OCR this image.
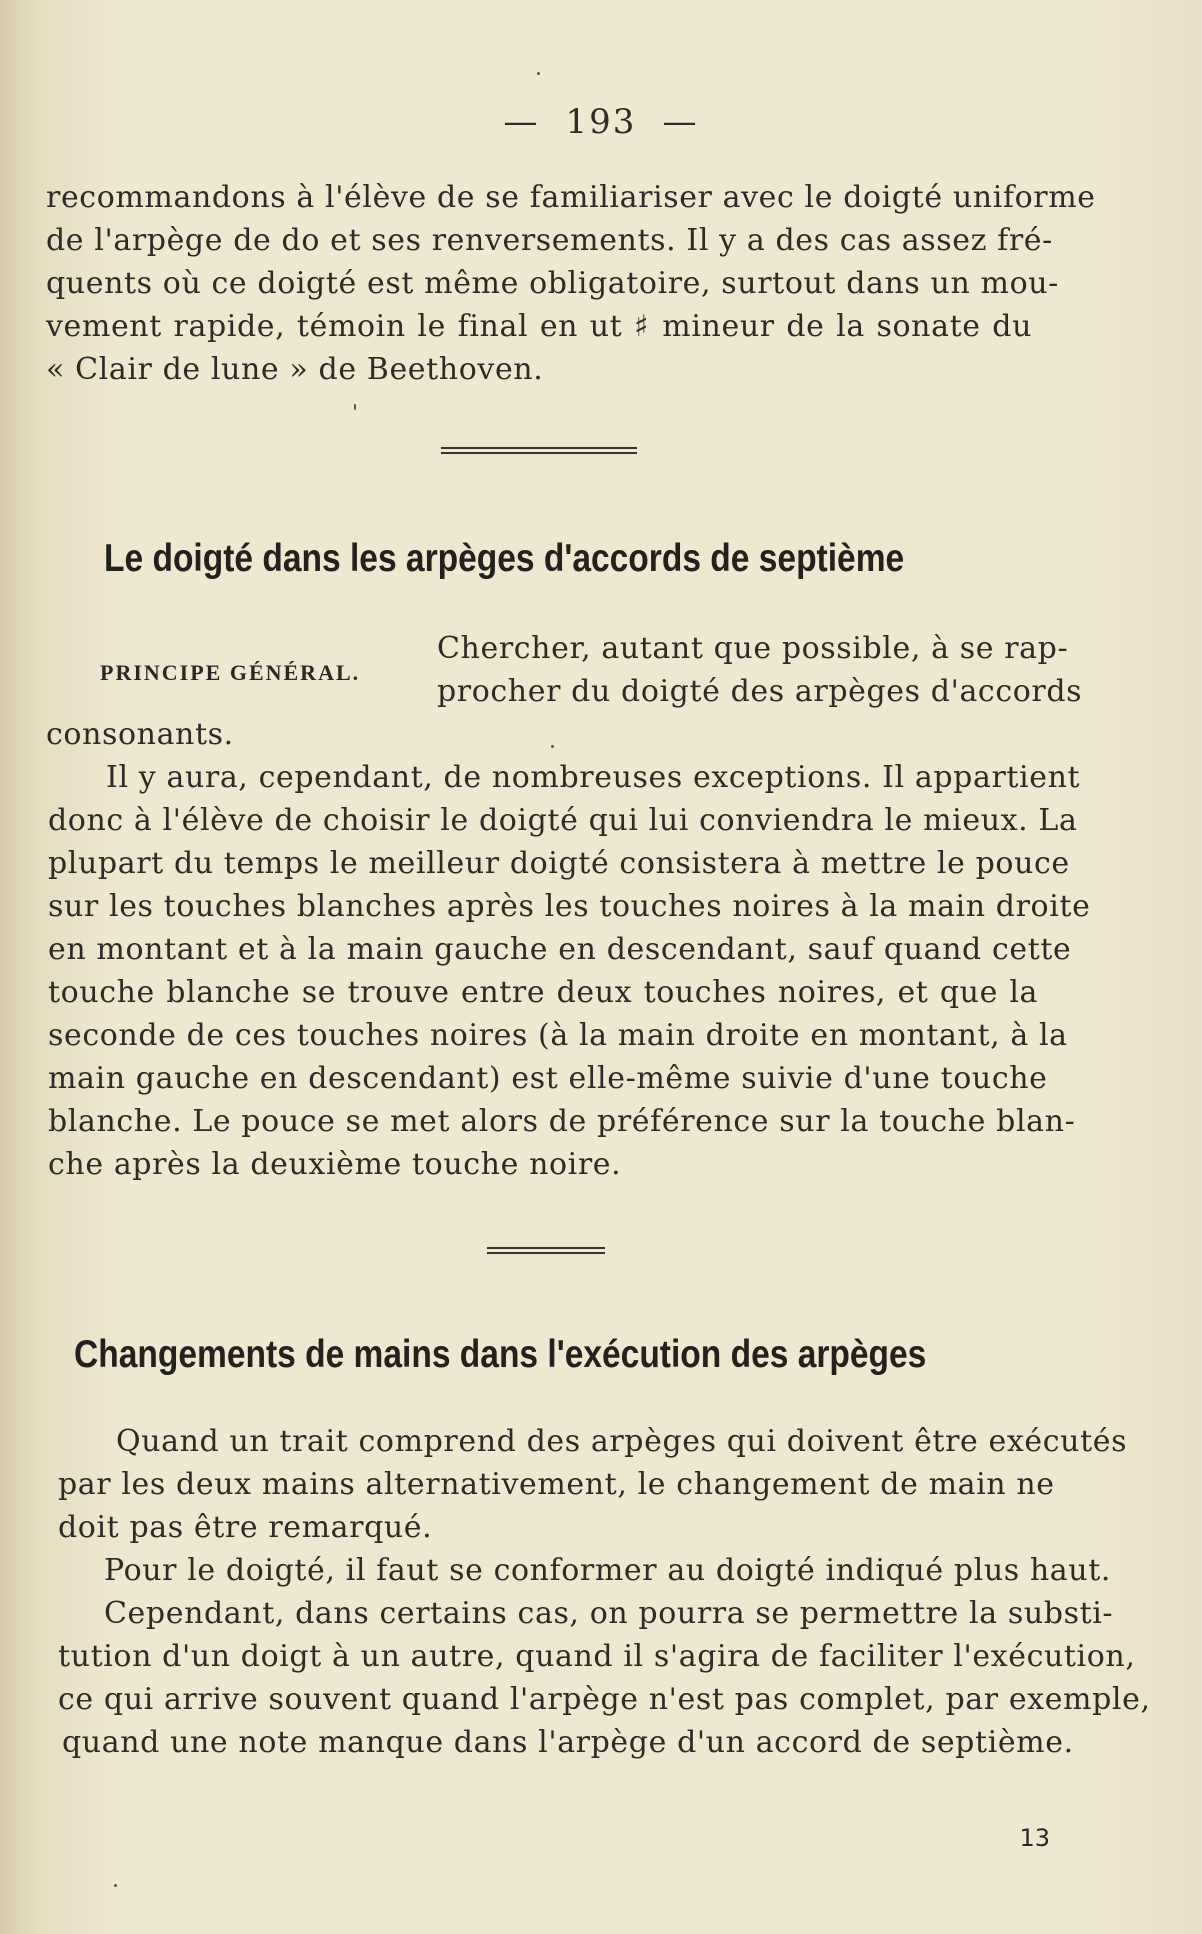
— 193 —
recommandons à l'élève de se familiariser avec le doigté uniforme
de l'arpège de do et ses renversements. Il y a des cas assez fré-
quents où ce doigté est même obligatoire, surtout dans un mou-
vement rapide, témoin le final en ut ♯ mineur de la sonate du
« Clair de lune » de Beethoven.
Le doigté dans les arpèges d'accords de septième
PRINCIPE GÉNÉRAL.
Chercher, autant que possible, à se rap-
procher du doigté des arpèges d'accords
consonants.
Il y aura, cependant, de nombreuses exceptions. Il appartient
donc à l'élève de choisir le doigté qui lui conviendra le mieux. La
plupart du temps le meilleur doigté consistera à mettre le pouce
sur les touches blanches après les touches noires à la main droite
en montant et à la main gauche en descendant, sauf quand cette
touche blanche se trouve entre deux touches noires, et que la
seconde de ces touches noires (à la main droite en montant, à la
main gauche en descendant) est elle-même suivie d'une touche
blanche. Le pouce se met alors de préférence sur la touche blan-
che après la deuxième touche noire.
Changements de mains dans l'exécution des arpèges
Quand un trait comprend des arpèges qui doivent être exécutés
par les deux mains alternativement, le changement de main ne
doit pas être remarqué.
Pour le doigté, il faut se conformer au doigté indiqué plus haut.
Cependant, dans certains cas, on pourra se permettre la substi-
tution d'un doigt à un autre, quand il s'agira de faciliter l'exécution,
ce qui arrive souvent quand l'arpège n'est pas complet, par exemple,
quand une note manque dans l'arpège d'un accord de septième.
13
